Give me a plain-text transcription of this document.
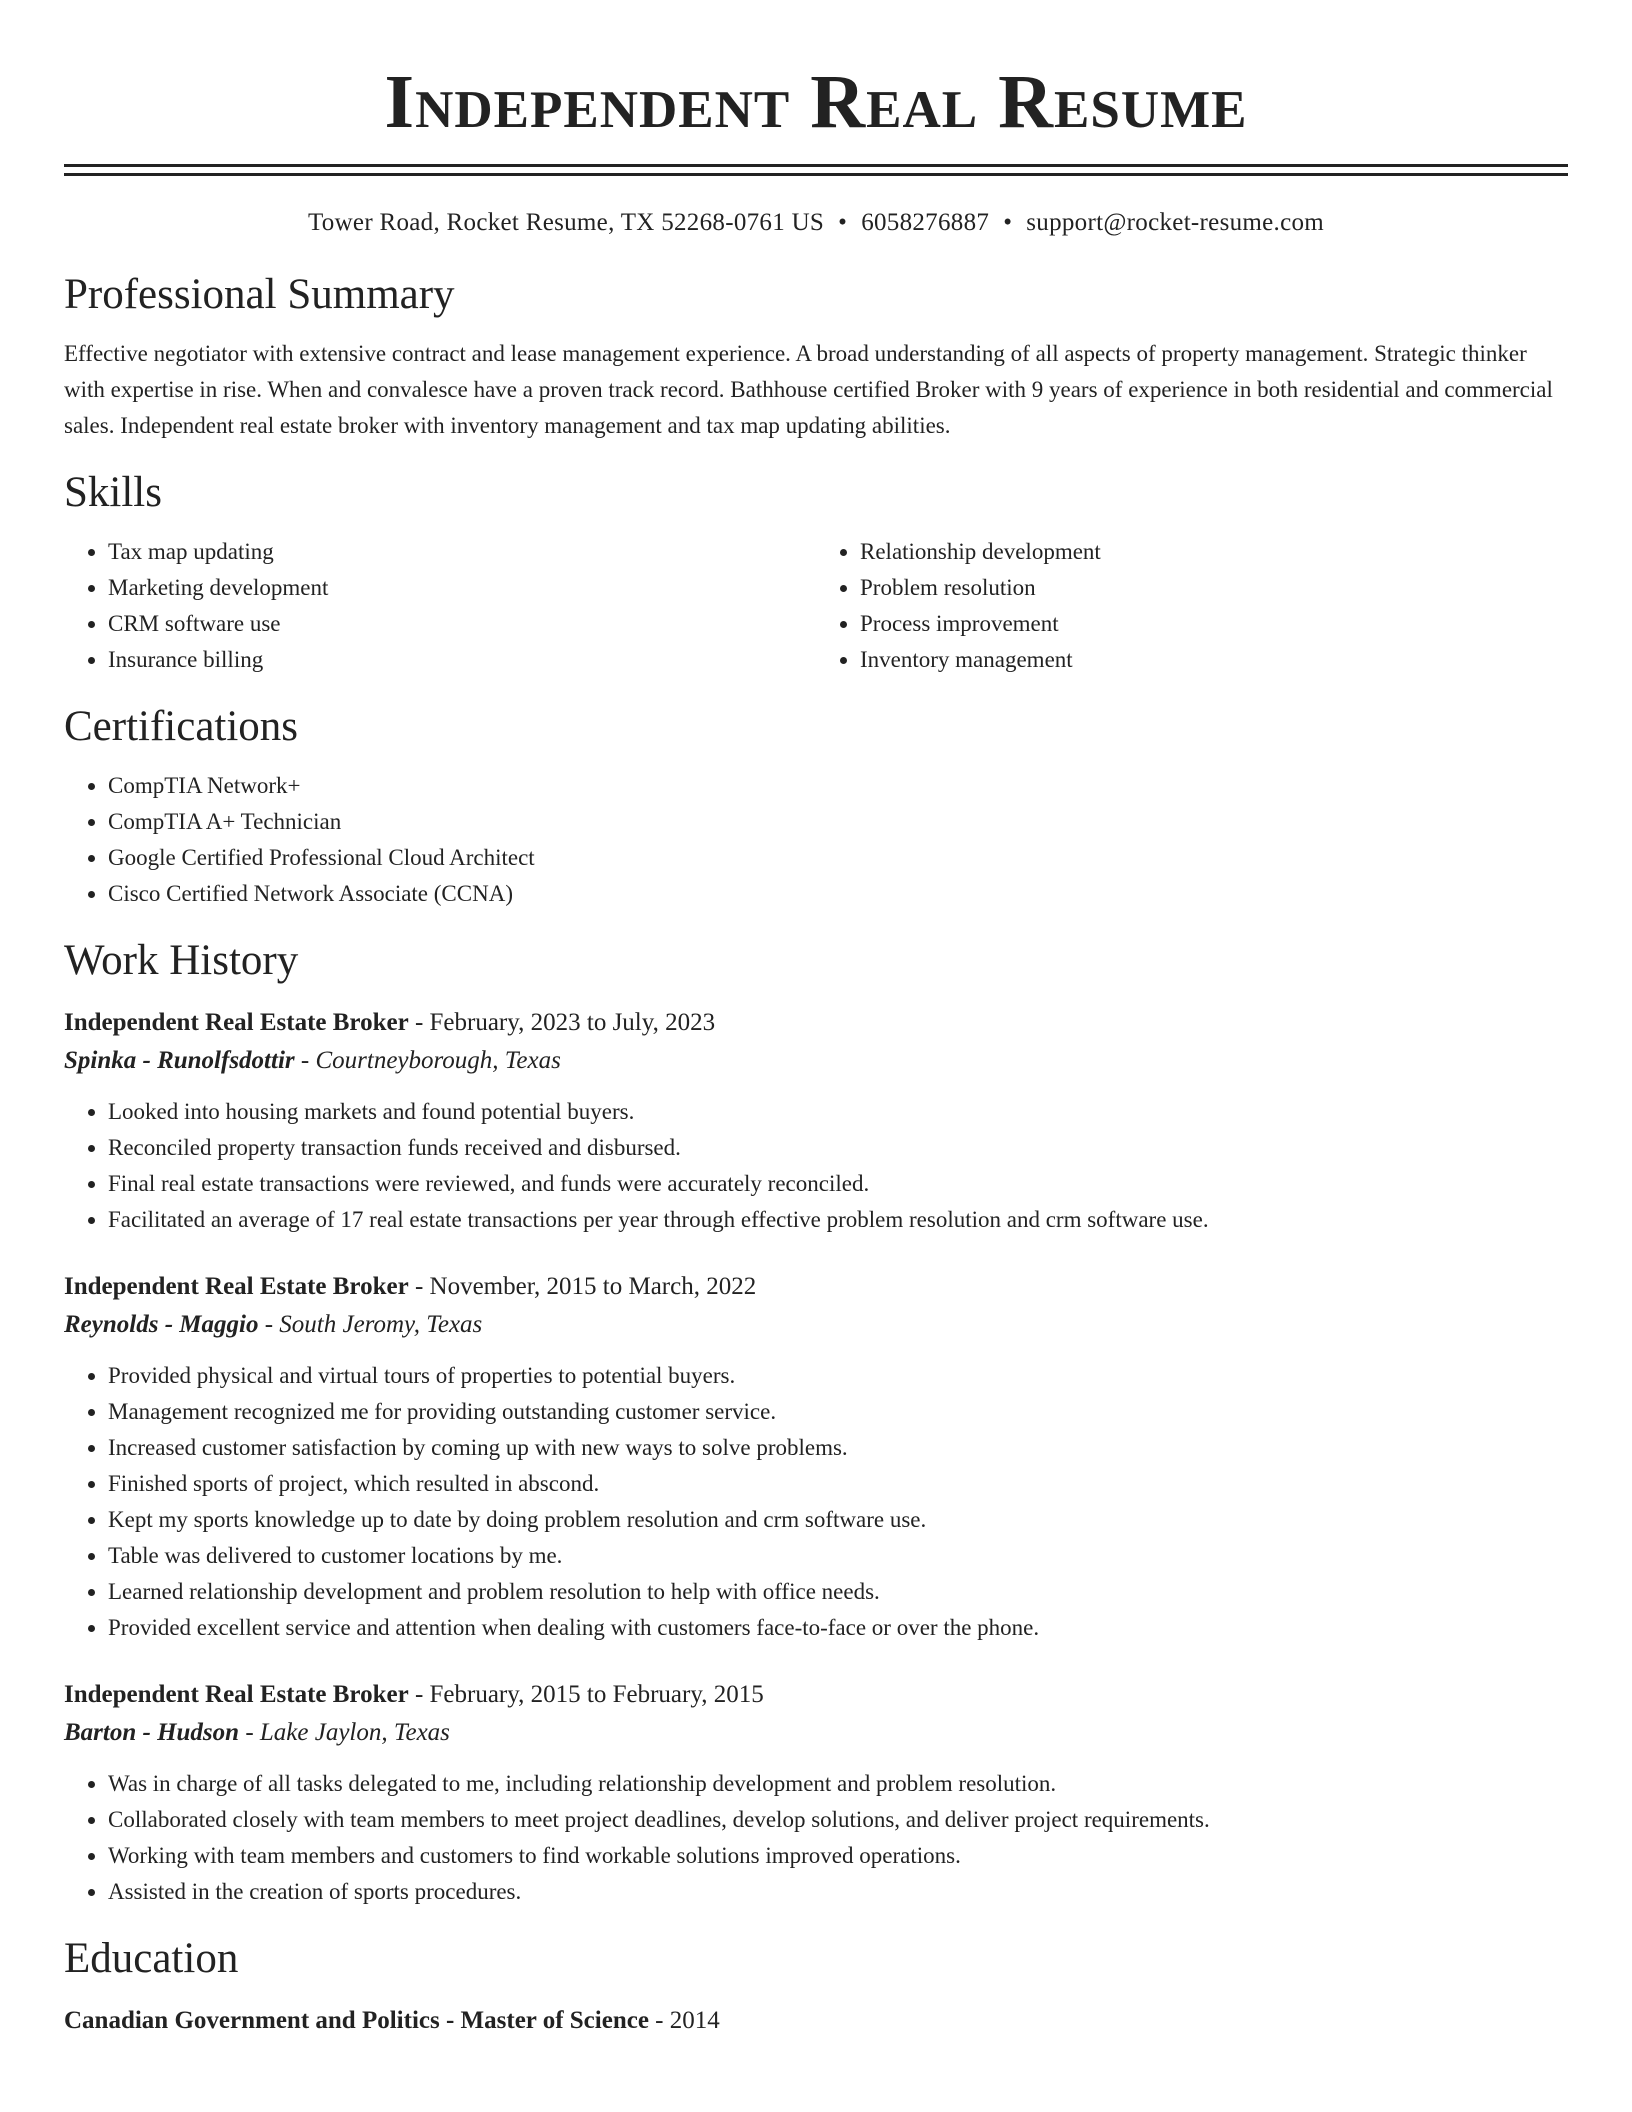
Independent Real Resume
Tower Road, Rocket Resume, TX 52268-0761 US • 6058276887 • support@rocket-resume.com
Professional Summary

Effective negotiator with extensive contract and lease management experience. A broad understanding of all aspects of property management. Strategic thinker with expertise in rise. When and convalesce have a proven track record. Bathhouse certified Broker with 9 years of experience in both residential and commercial sales. Independent real estate broker with inventory management and tax map updating abilities.

Skills
• Tax map updating
• Marketing development
• CRM software use
• Insurance billing
• Relationship development
• Problem resolution
• Process improvement
• Inventory management
Certifications
• CompTIA Network+
• CompTIA A+ Technician
• Google Certified Professional Cloud Architect
• Cisco Certified Network Associate (CCNA)
Work History
Independent Real Estate Broker - February, 2023 to July, 2023
Spinka - Runolfsdottir - Courtneyborough, Texas
• Looked into housing markets and found potential buyers.
• Reconciled property transaction funds received and disbursed.
• Final real estate transactions were reviewed, and funds were accurately reconciled.
• Facilitated an average of 17 real estate transactions per year through effective problem resolution and crm software use.
Independent Real Estate Broker - November, 2015 to March, 2022
Reynolds - Maggio - South Jeromy, Texas
• Provided physical and virtual tours of properties to potential buyers.
• Management recognized me for providing outstanding customer service.
• Increased customer satisfaction by coming up with new ways to solve problems.
• Finished sports of project, which resulted in abscond.
• Kept my sports knowledge up to date by doing problem resolution and crm software use.
• Table was delivered to customer locations by me.
• Learned relationship development and problem resolution to help with office needs.
• Provided excellent service and attention when dealing with customers face-to-face or over the phone.
Independent Real Estate Broker - February, 2015 to February, 2015
Barton - Hudson - Lake Jaylon, Texas
• Was in charge of all tasks delegated to me, including relationship development and problem resolution.
• Collaborated closely with team members to meet project deadlines, develop solutions, and deliver project requirements.
• Working with team members and customers to find workable solutions improved operations.
• Assisted in the creation of sports procedures.
Education
Canadian Government and Politics - Master of Science - 2014
